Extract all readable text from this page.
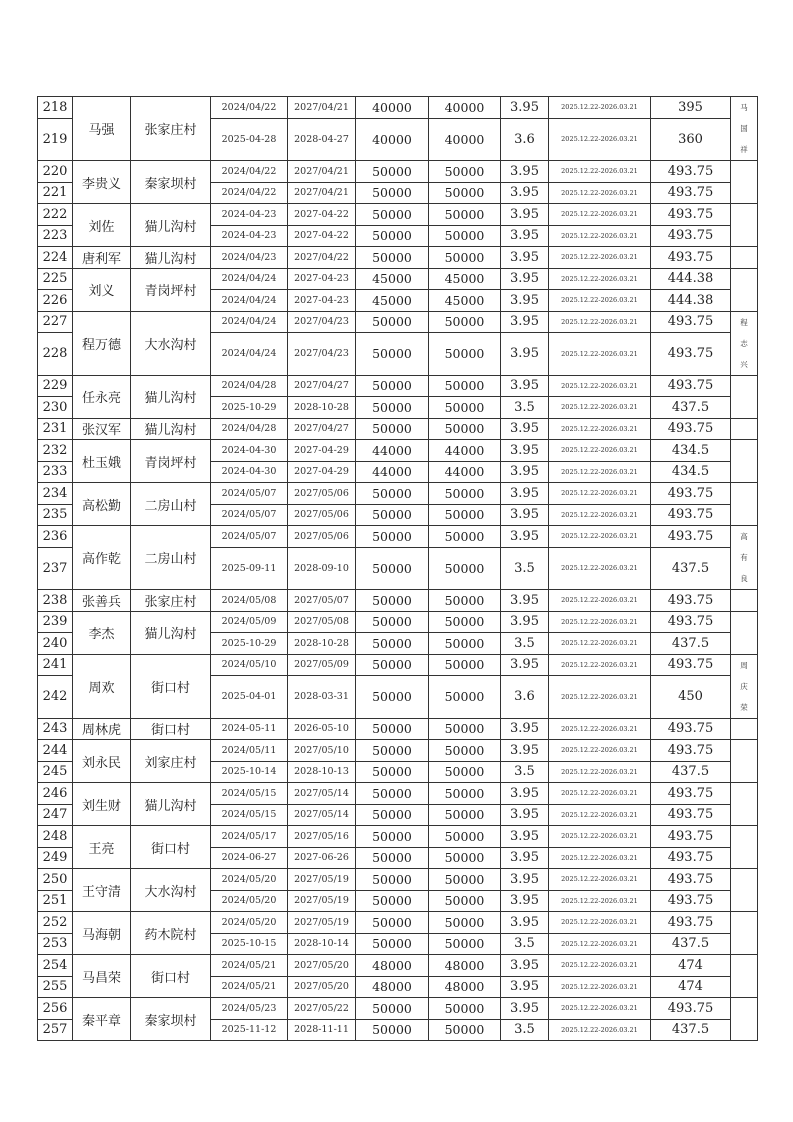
218	马强	张家庄村	2024/04/22	2027/04/21	40000	40000	3.95	2025.12.22-2026.03.21	395	马国祥
219			2025-04-28	2028-04-27	40000	40000	3.6	2025.12.22-2026.03.21	360	
220	李贵义	秦家坝村	2024/04/22	2027/04/21	50000	50000	3.95	2025.12.22-2026.03.21	493.75	
221			2024/04/22	2027/04/21	50000	50000	3.95	2025.12.22-2026.03.21	493.75	
222	刘佐	猫儿沟村	2024-04-23	2027-04-22	50000	50000	3.95	2025.12.22-2026.03.21	493.75	
223			2024-04-23	2027-04-22	50000	50000	3.95	2025.12.22-2026.03.21	493.75	
224	唐利军	猫儿沟村	2024/04/23	2027/04/22	50000	50000	3.95	2025.12.22-2026.03.21	493.75	
225	刘义	青岗坪村	2024/04/24	2027-04-23	45000	45000	3.95	2025.12.22-2026.03.21	444.38	
226			2024/04/24	2027-04-23	45000	45000	3.95	2025.12.22-2026.03.21	444.38	
227	程万德	大水沟村	2024/04/24	2027/04/23	50000	50000	3.95	2025.12.22-2026.03.21	493.75	程志兴
228			2024/04/24	2027/04/23	50000	50000	3.95	2025.12.22-2026.03.21	493.75	
229	任永亮	猫儿沟村	2024/04/28	2027/04/27	50000	50000	3.95	2025.12.22-2026.03.21	493.75	
230			2025-10-29	2028-10-28	50000	50000	3.5	2025.12.22-2026.03.21	437.5	
231	张汉军	猫儿沟村	2024/04/28	2027/04/27	50000	50000	3.95	2025.12.22-2026.03.21	493.75	
232	杜玉娥	青岗坪村	2024-04-30	2027-04-29	44000	44000	3.95	2025.12.22-2026.03.21	434.5	
233			2024-04-30	2027-04-29	44000	44000	3.95	2025.12.22-2026.03.21	434.5	
234	高松勤	二房山村	2024/05/07	2027/05/06	50000	50000	3.95	2025.12.22-2026.03.21	493.75	
235			2024/05/07	2027/05/06	50000	50000	3.95	2025.12.22-2026.03.21	493.75	
236	高作乾	二房山村	2024/05/07	2027/05/06	50000	50000	3.95	2025.12.22-2026.03.21	493.75	高有良
237			2025-09-11	2028-09-10	50000	50000	3.5	2025.12.22-2026.03.21	437.5	
238	张善兵	张家庄村	2024/05/08	2027/05/07	50000	50000	3.95	2025.12.22-2026.03.21	493.75	
239	李杰	猫儿沟村	2024/05/09	2027/05/08	50000	50000	3.95	2025.12.22-2026.03.21	493.75	
240			2025-10-29	2028-10-28	50000	50000	3.5	2025.12.22-2026.03.21	437.5	
241	周欢	街口村	2024/05/10	2027/05/09	50000	50000	3.95	2025.12.22-2026.03.21	493.75	周庆荣
242			2025-04-01	2028-03-31	50000	50000	3.6	2025.12.22-2026.03.21	450	
243	周林虎	街口村	2024-05-11	2026-05-10	50000	50000	3.95	2025.12.22-2026.03.21	493.75	
244	刘永民	刘家庄村	2024/05/11	2027/05/10	50000	50000	3.95	2025.12.22-2026.03.21	493.75	
245			2025-10-14	2028-10-13	50000	50000	3.5	2025.12.22-2026.03.21	437.5	
246	刘生财	猫儿沟村	2024/05/15	2027/05/14	50000	50000	3.95	2025.12.22-2026.03.21	493.75	
247			2024/05/15	2027/05/14	50000	50000	3.95	2025.12.22-2026.03.21	493.75	
248	王亮	街口村	2024/05/17	2027/05/16	50000	50000	3.95	2025.12.22-2026.03.21	493.75	
249			2024-06-27	2027-06-26	50000	50000	3.95	2025.12.22-2026.03.21	493.75	
250	王守清	大水沟村	2024/05/20	2027/05/19	50000	50000	3.95	2025.12.22-2026.03.21	493.75	
251			2024/05/20	2027/05/19	50000	50000	3.95	2025.12.22-2026.03.21	493.75	
252	马海朝	药木院村	2024/05/20	2027/05/19	50000	50000	3.95	2025.12.22-2026.03.21	493.75	
253			2025-10-15	2028-10-14	50000	50000	3.5	2025.12.22-2026.03.21	437.5	
254	马昌荣	街口村	2024/05/21	2027/05/20	48000	48000	3.95	2025.12.22-2026.03.21	474	
255			2024/05/21	2027/05/20	48000	48000	3.95	2025.12.22-2026.03.21	474	
256	秦平章	秦家坝村	2024/05/23	2027/05/22	50000	50000	3.95	2025.12.22-2026.03.21	493.75	
257			2025-11-12	2028-11-11	50000	50000	3.5	2025.12.22-2026.03.21	437.5	
